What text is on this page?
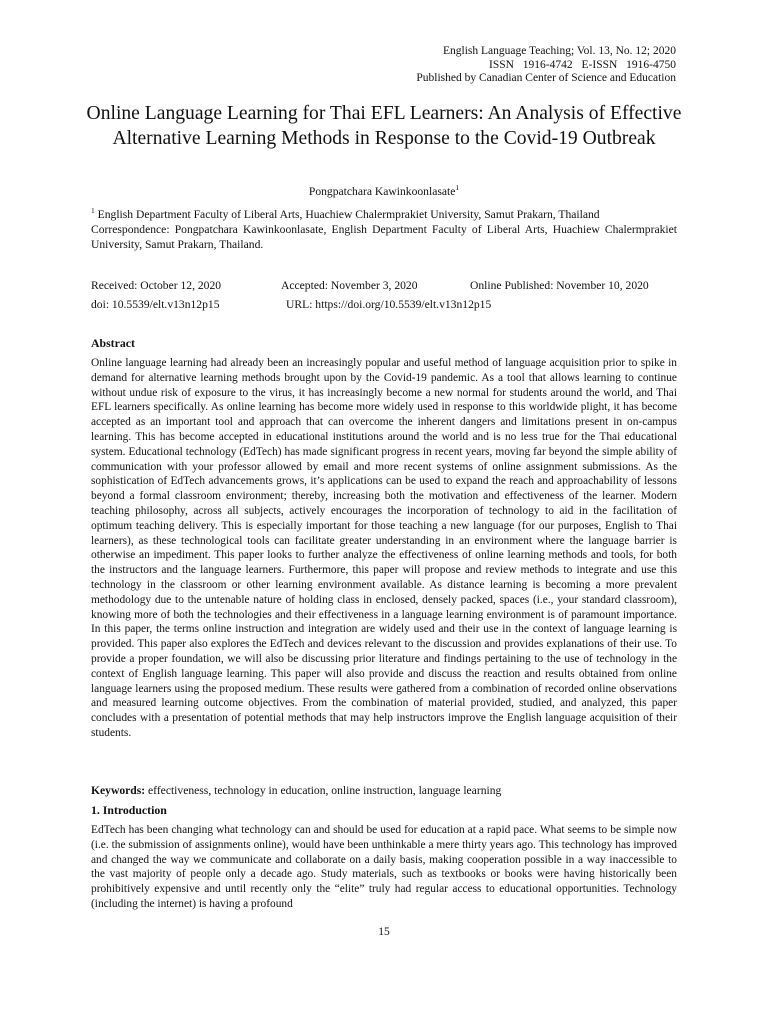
English Language Teaching; Vol. 13, No. 12; 2020
ISSN 1916-4742 E-ISSN 1916-4750
Published by Canadian Center of Science and Education
Online Language Learning for Thai EFL Learners: An Analysis of Effective Alternative Learning Methods in Response to the Covid-19 Outbreak
Pongpatchara Kawinkoonlasate$^1$
$^1$ English Department Faculty of Liberal Arts, Huachiew Chalermprakiet University, Samut Prakarn, Thailand
Correspondence: Pongpatchara Kawinkoonlasate, English Department Faculty of Liberal Arts, Huachiew Chalermprakiet University, Samut Prakarn, Thailand.
Received: October 12, 2020	Accepted: November 3, 2020	Online Published: November 10, 2020
doi: 10.5539/elt.v13n12p15	URL: https://doi.org/10.5539/elt.v13n12p15
Abstract

Online language learning had already been an increasingly popular and useful method of language acquisition prior to spike in demand for alternative learning methods brought upon by the Covid-19 pandemic. As a tool that allows learning to continue without undue risk of exposure to the virus, it has increasingly become a new normal for students around the world, and Thai EFL learners specifically. As online learning has become more widely used in response to this worldwide plight, it has become accepted as an important tool and approach that can overcome the inherent dangers and limitations present in on-campus learning. This has become accepted in educational institutions around the world and is no less true for the Thai educational system. Educational technology (EdTech) has made significant progress in recent years, moving far beyond the simple ability of communication with your professor allowed by email and more recent systems of online assignment submissions. As the sophistication of EdTech advancements grows, it’s applications can be used to expand the reach and approachability of lessons beyond a formal classroom environment; thereby, increasing both the motivation and effectiveness of the learner. Modern teaching philosophy, across all subjects, actively encourages the incorporation of technology to aid in the facilitation of optimum teaching delivery. This is especially important for those teaching a new language (for our purposes, English to Thai learners), as these technological tools can facilitate greater understanding in an environment where the language barrier is otherwise an impediment. This paper looks to further analyze the effectiveness of online learning methods and tools, for both the instructors and the language learners. Furthermore, this paper will propose and review methods to integrate and use this technology in the classroom or other learning environment available. As distance learning is becoming a more prevalent methodology due to the untenable nature of holding class in enclosed, densely packed, spaces (i.e., your standard classroom), knowing more of both the technologies and their effectiveness in a language learning environment is of paramount importance. In this paper, the terms online instruction and integration are widely used and their use in the context of language learning is provided. This paper also explores the EdTech and devices relevant to the discussion and provides explanations of their use. To provide a proper foundation, we will also be discussing prior literature and findings pertaining to the use of technology in the context of English language learning. This paper will also provide and discuss the reaction and results obtained from online language learners using the proposed medium. These results were gathered from a combination of recorded online observations and measured learning outcome objectives. From the combination of material provided, studied, and analyzed, this paper concludes with a presentation of potential methods that may help instructors improve the English language acquisition of their students.

Keywords: effectiveness, technology in education, online instruction, language learning
1. Introduction

EdTech has been changing what technology can and should be used for education at a rapid pace. What seems to be simple now (i.e. the submission of assignments online), would have been unthinkable a mere thirty years ago. This technology has improved and changed the way we communicate and collaborate on a daily basis, making cooperation possible in a way inaccessible to the vast majority of people only a decade ago. Study materials, such as textbooks or books were having historically been prohibitively expensive and until recently only the “elite” truly had regular access to educational opportunities. Technology (including the internet) is having a profound

15
